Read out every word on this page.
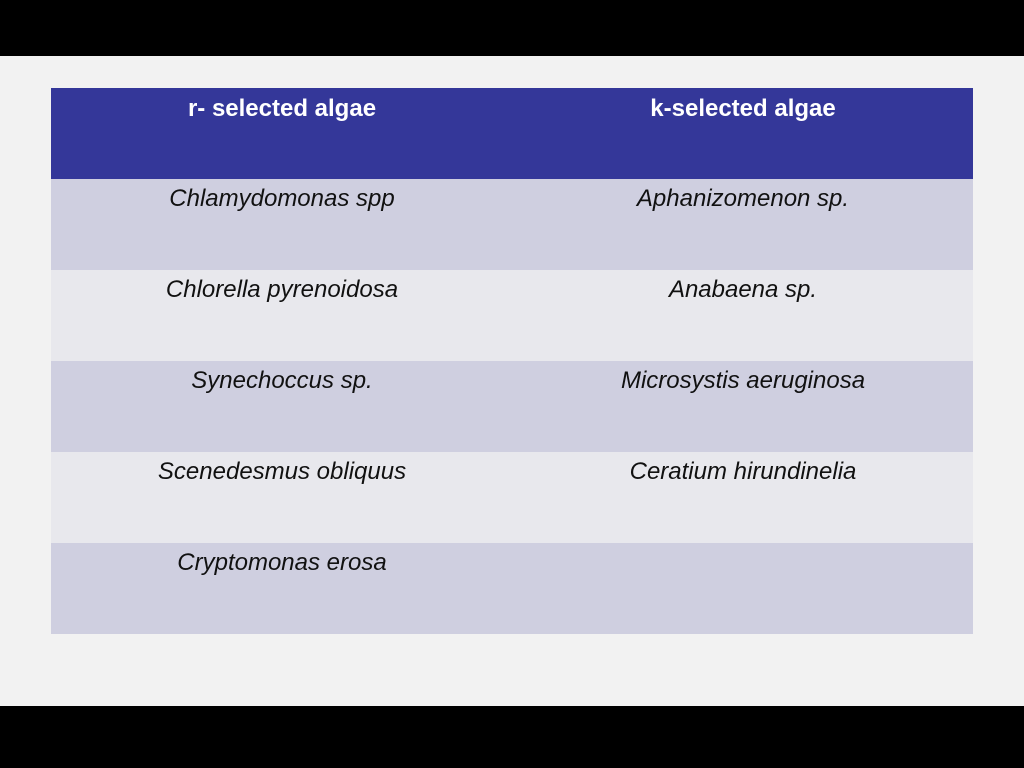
r- selected algae	k-selected algae
Chlamydomonas spp	Aphanizomenon sp.
Chlorella pyrenoidosa	Anabaena sp.
Synechoccus sp.	Microsystis aeruginosa
Scenedesmus obliquus	Ceratium hirundinelia
Cryptomonas erosa	
